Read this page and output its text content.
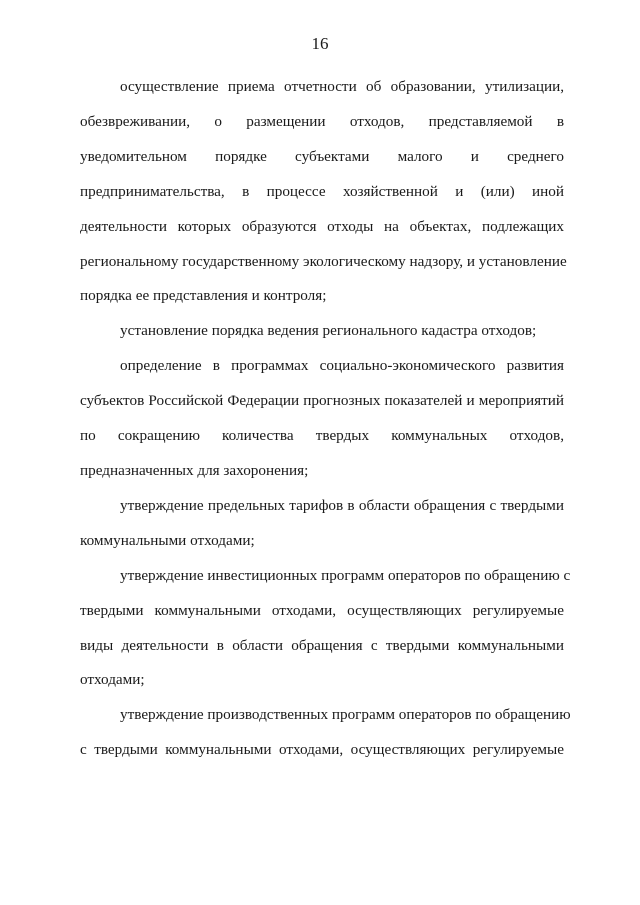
16
осуществление приема отчетности об образовании, утилизации,
обезвреживании, о размещении отходов, представляемой в
уведомительном порядке субъектами малого и среднего
предпринимательства, в процессе хозяйственной и (или) иной
деятельности которых образуются отходы на объектах, подлежащих
региональному государственному экологическому надзору, и установление
порядка ее представления и контроля;
установление порядка ведения регионального кадастра отходов;
определение в программах социально-экономического развития
субъектов Российской Федерации прогнозных показателей и мероприятий
по сокращению количества твердых коммунальных отходов,
предназначенных для захоронения;
утверждение предельных тарифов в области обращения с твердыми
коммунальными отходами;
утверждение инвестиционных программ операторов по обращению с
твердыми коммунальными отходами, осуществляющих регулируемые
виды деятельности в области обращения с твердыми коммунальными
отходами;
утверждение производственных программ операторов по обращению
с твердыми коммунальными отходами, осуществляющих регулируемые
